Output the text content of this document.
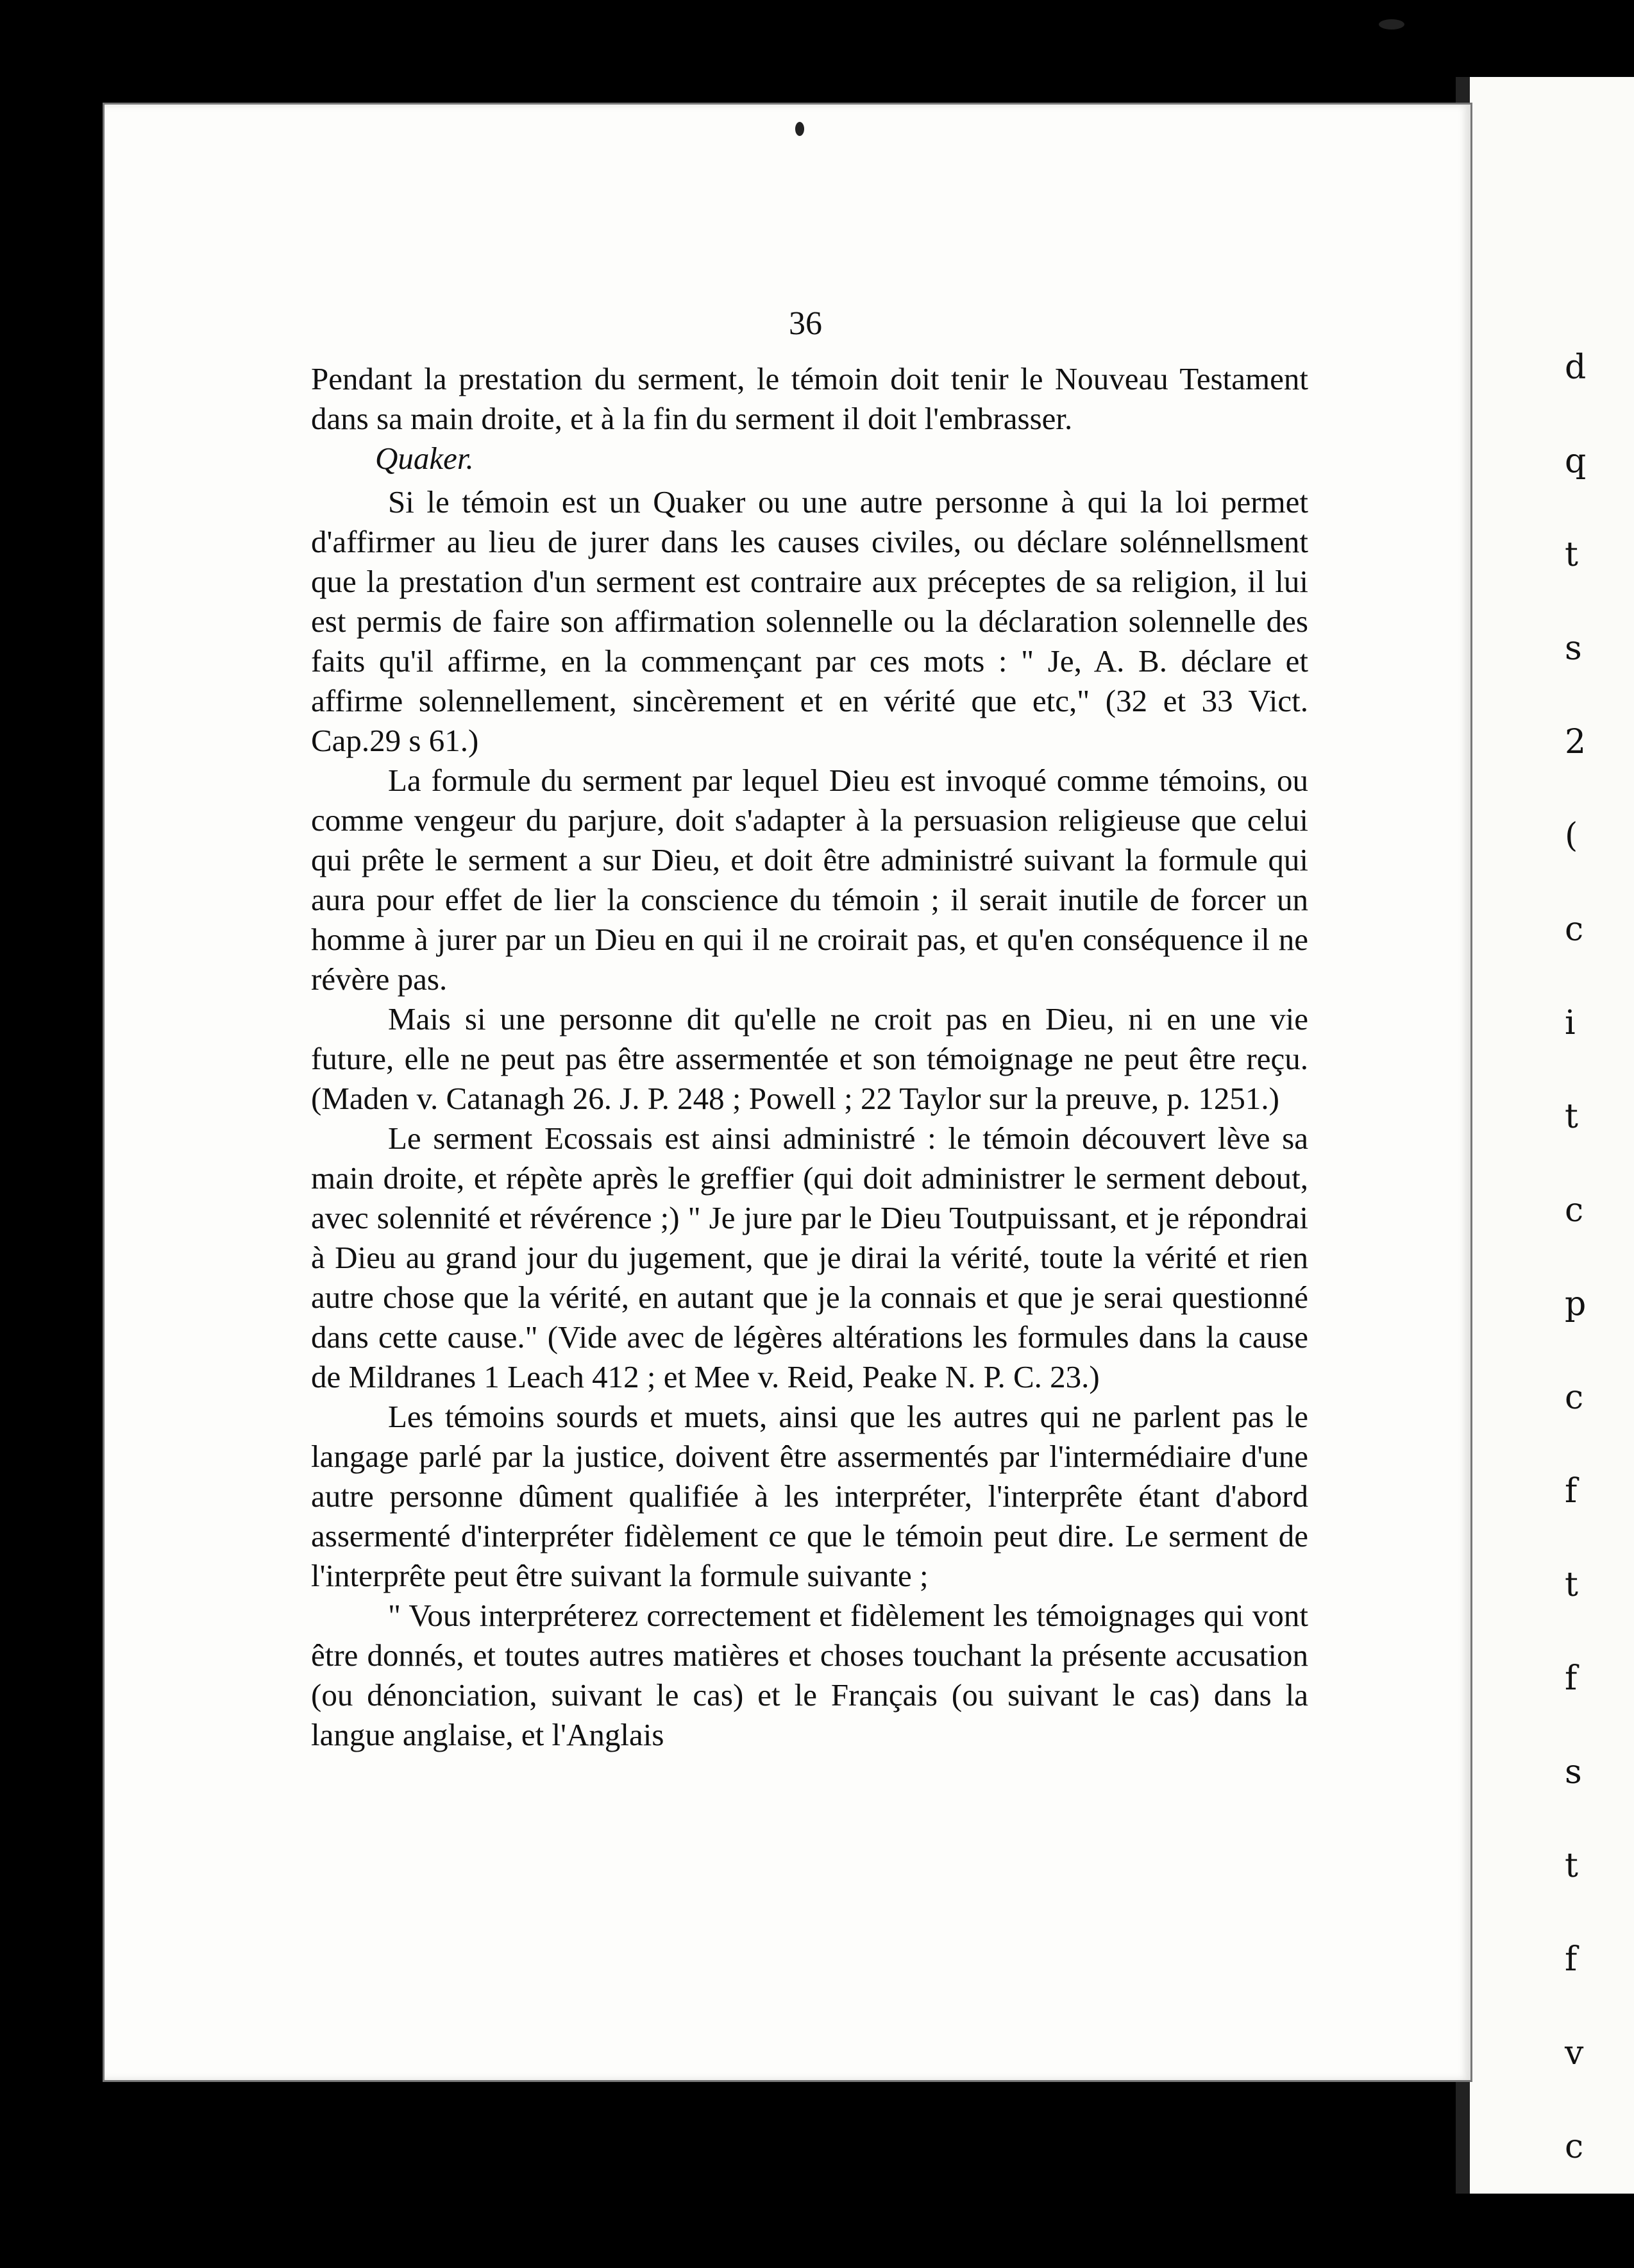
d
q
t
s
2
(
c
i
t
c
p
c
f
t
f
s
t
f
v
c
36

Pendant la prestation du serment, le témoin doit tenir le Nouveau Testament dans sa main droite, et à la fin du serment il doit l'embrasser.

Quaker.

Si le témoin est un Quaker ou une autre personne à qui la loi permet d'affirmer au lieu de jurer dans les causes civiles, ou déclare solénnellsment que la prestation d'un serment est contraire aux préceptes de sa religion, il lui est permis de faire son affirmation solennelle ou la déclaration solennelle des faits qu'il affirme, en la commençant par ces mots : " Je, A. B. déclare et affirme solennellement, sincèrement et en vérité que etc," (32 et 33 Vict. Cap.29 s 61.)

La formule du serment par lequel Dieu est invoqué comme témoins, ou comme vengeur du parjure, doit s'adapter à la persuasion religieuse que celui qui prête le serment a sur Dieu, et doit être administré suivant la formule qui aura pour effet de lier la conscience du témoin ; il serait inutile de forcer un homme à jurer par un Dieu en qui il ne croirait pas, et qu'en conséquence il ne révère pas.

Mais si une personne dit qu'elle ne croit pas en Dieu, ni en une vie future, elle ne peut pas être assermentée et son témoignage ne peut être reçu. (Maden v. Catanagh 26. J. P. 248 ; Powell ; 22 Taylor sur la preuve, p. 1251.)

Le serment Ecossais est ainsi administré : le témoin découvert lève sa main droite, et répète après le greffier (qui doit administrer le serment debout, avec solennité et révérence ;) " Je jure par le Dieu Toutpuissant, et je répondrai à Dieu au grand jour du jugement, que je dirai la vérité, toute la vérité et rien autre chose que la vérité, en autant que je la connais et que je serai questionné dans cette cause." (Vide avec de légères altérations les formules dans la cause de Mildranes 1 Leach 412 ; et Mee v. Reid, Peake N. P. C. 23.)

Les témoins sourds et muets, ainsi que les autres qui ne parlent pas le langage parlé par la justice, doivent être assermentés par l'intermédiaire d'une autre personne dûment qualifiée à les interpréter, l'interprête étant d'abord assermenté d'interpréter fidèlement ce que le témoin peut dire. Le serment de l'interprête peut être suivant la formule suivante ;

" Vous interpréterez correctement et fidèlement les témoignages qui vont être donnés, et toutes autres matières et choses touchant la présente accusation (ou dénonciation, suivant le cas) et le Français (ou suivant le cas) dans la langue anglaise, et l'Anglais
